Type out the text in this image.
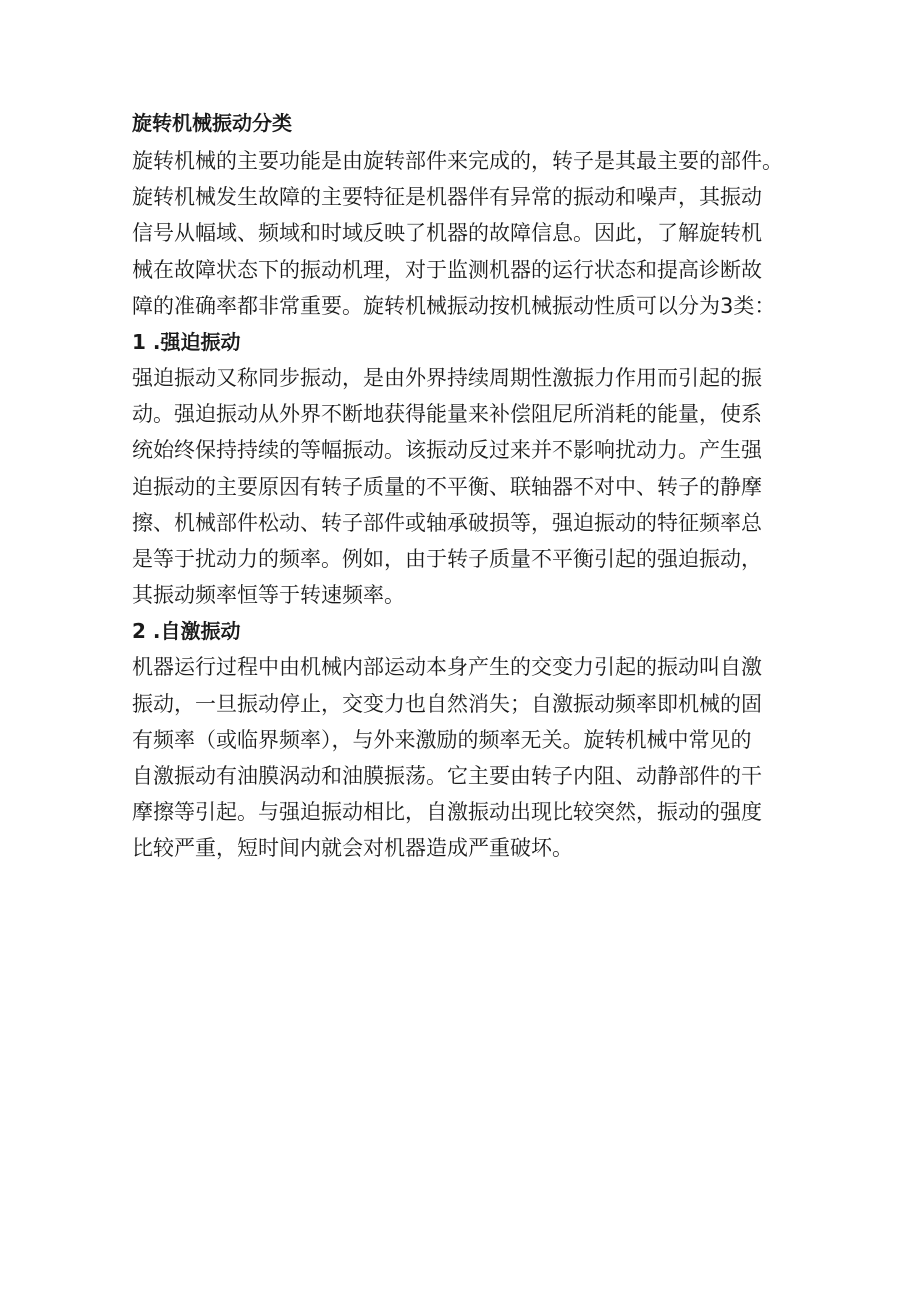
旋转机械振动分类
旋转机械的主要功能是由旋转部件来完成的，转子是其最主要的部件。
旋转机械发生故障的主要特征是机器伴有异常的振动和噪声，其振动
信号从幅域、频域和时域反映了机器的故障信息。因此，了解旋转机
械在故障状态下的振动机理，对于监测机器的运行状态和提高诊断故
障的准确率都非常重要。旋转机械振动按机械振动性质可以分为3类：
1 .强迫振动
强迫振动又称同步振动，是由外界持续周期性激振力作用而引起的振
动。强迫振动从外界不断地获得能量来补偿阻尼所消耗的能量，使系
统始终保持持续的等幅振动。该振动反过来并不影响扰动力。产生强
迫振动的主要原因有转子质量的不平衡、联轴器不对中、转子的静摩
擦、机械部件松动、转子部件或轴承破损等，强迫振动的特征频率总
是等于扰动力的频率。例如，由于转子质量不平衡引起的强迫振动，
其振动频率恒等于转速频率。
2 .自激振动
机器运行过程中由机械内部运动本身产生的交变力引起的振动叫自激
振动，一旦振动停止，交变力也自然消失；自激振动频率即机械的固
有频率（或临界频率），与外来激励的频率无关。旋转机械中常见的
自激振动有油膜涡动和油膜振荡。它主要由转子内阻、动静部件的干
摩擦等引起。与强迫振动相比，自激振动出现比较突然，振动的强度
比较严重，短时间内就会对机器造成严重破坏。
